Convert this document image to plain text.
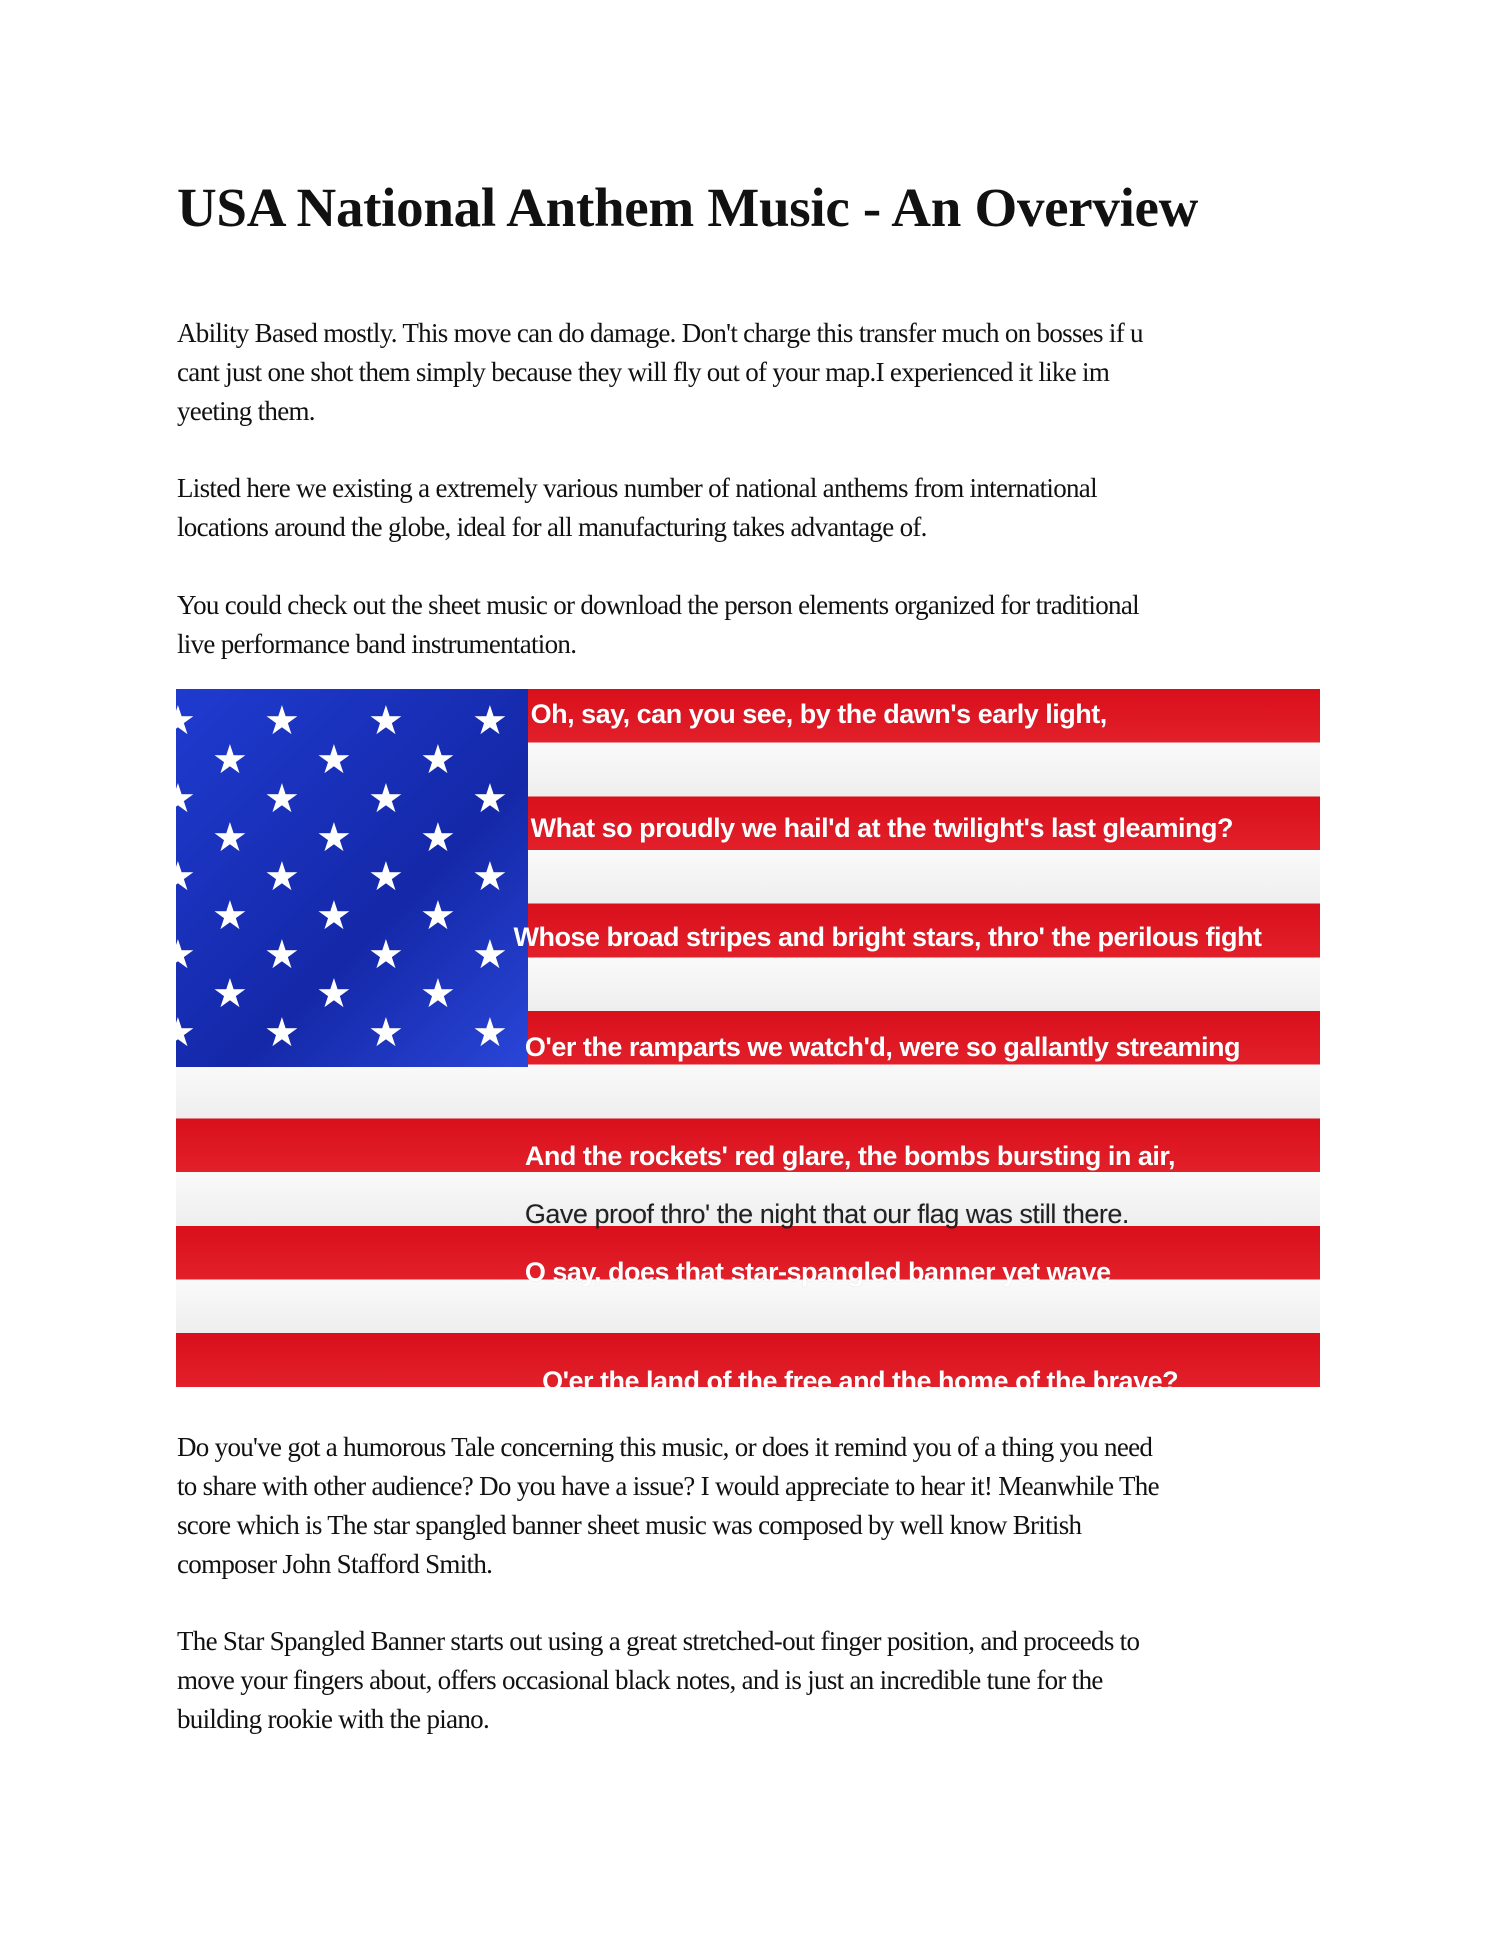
USA National Anthem Music - An Overview
Ability Based mostly. This move can do damage. Don't charge this transfer much on bosses if u
cant just one shot them simply because they will fly out of your map.I experienced it like im
yeeting them.
Listed here we existing a extremely various number of national anthems from international
locations around the globe, ideal for all manufacturing takes advantage of.
You could check out the sheet music or download the person elements organized for traditional
live performance band instrumentation.
★ ★ ★ ★
★ ★ ★
★ ★ ★ ★
★ ★ ★
★ ★ ★ ★
★ ★ ★
★ ★ ★ ★
★ ★ ★
★ ★ ★ ★
Oh, say, can you see, by the dawn's early light,
What so proudly we hail'd at the twilight's last gleaming?
Whose broad stripes and bright stars, thro' the perilous fight
O'er the ramparts we watch'd, were so gallantly streaming
And the rockets' red glare, the bombs bursting in air,
Gave proof thro' the night that our flag was still there.
O say, does that star-spangled banner yet wave
O'er the land of the free and the home of the brave?
Do you've got a humorous Tale concerning this music, or does it remind you of a thing you need
to share with other audience? Do you have a issue? I would appreciate to hear it! Meanwhile The
score which is The star spangled banner sheet music was composed by well know British
composer John Stafford Smith.
The Star Spangled Banner starts out using a great stretched-out finger position, and proceeds to
move your fingers about, offers occasional black notes, and is just an incredible tune for the
building rookie with the piano.
